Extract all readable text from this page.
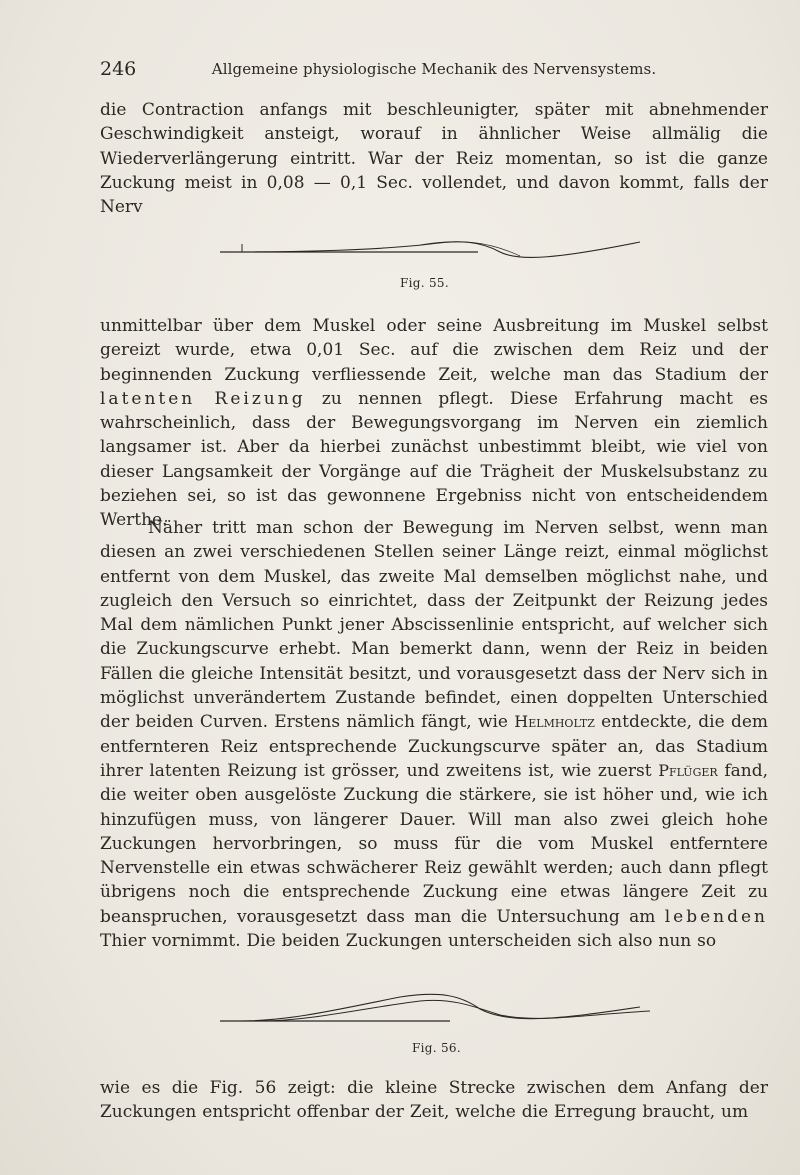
246	Allgemeine physiologische Mechanik des Nervensystems.

die Contraction anfangs mit beschleunigter, später mit abnehmender Geschwindigkeit ansteigt, worauf in ähnlicher Weise allmälig die Wiederverlängerung eintritt. War der Reiz momentan, so ist die ganze Zuckung meist in 0,08 — 0,1 Sec. vollendet, und davon kommt, falls der Nerv

Fig. 55.

unmittelbar über dem Muskel oder seine Ausbreitung im Muskel selbst gereizt wurde, etwa 0,01 Sec. auf die zwischen dem Reiz und der beginnenden Zuckung verfliessende Zeit, welche man das Stadium der latenten Reizung zu nennen pflegt. Diese Erfahrung macht es wahrscheinlich, dass der Bewegungsvorgang im Nerven ein ziemlich langsamer ist. Aber da hierbei zunächst unbestimmt bleibt, wie viel von dieser Langsamkeit der Vorgänge auf die Trägheit der Muskelsubstanz zu beziehen sei, so ist das gewonnene Ergebniss nicht von entscheidendem Werthe.

Näher tritt man schon der Bewegung im Nerven selbst, wenn man diesen an zwei verschiedenen Stellen seiner Länge reizt, einmal möglichst entfernt von dem Muskel, das zweite Mal demselben möglichst nahe, und zugleich den Versuch so einrichtet, dass der Zeitpunkt der Reizung jedes Mal dem nämlichen Punkt jener Abscissenlinie entspricht, auf welcher sich die Zuckungscurve erhebt. Man bemerkt dann, wenn der Reiz in beiden Fällen die gleiche Intensität besitzt, und vorausgesetzt dass der Nerv sich in möglichst unverändertem Zustande befindet, einen doppelten Unterschied der beiden Curven. Erstens nämlich fängt, wie Helmholtz entdeckte, die dem entfernteren Reiz entsprechende Zuckungscurve später an, das Stadium ihrer latenten Reizung ist grösser, und zweitens ist, wie zuerst Pflüger fand, die weiter oben ausgelöste Zuckung die stärkere, sie ist höher und, wie ich hinzufügen muss, von längerer Dauer. Will man also zwei gleich hohe Zuckungen hervorbringen, so muss für die vom Muskel entferntere Nervenstelle ein etwas schwächerer Reiz gewählt werden; auch dann pflegt übrigens noch die entsprechende Zuckung eine etwas längere Zeit zu beanspruchen, vorausgesetzt dass man die Untersuchung am lebenden Thier vornimmt. Die beiden Zuckungen unterscheiden sich also nun so

Fig. 56.

wie es die Fig. 56 zeigt: die kleine Strecke zwischen dem Anfang der Zuckungen entspricht offenbar der Zeit, welche die Erregung braucht, um
